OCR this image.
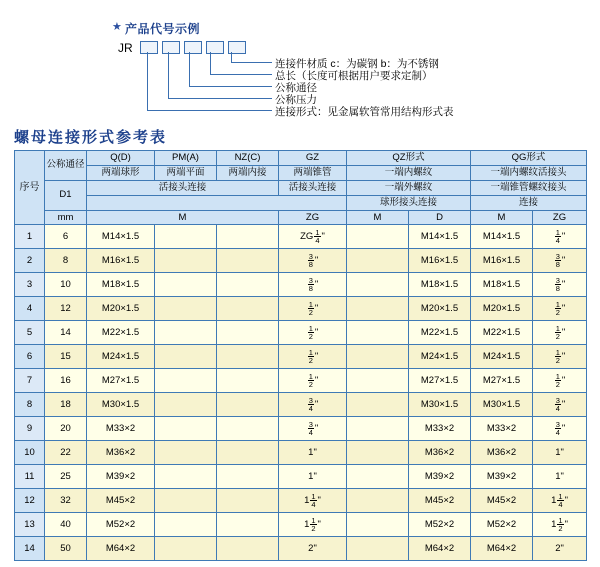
★ 产品代号示例
JR
连接件材质 c：为碳钢 b：为不锈钢
总长（长度可根据用户要求定制）
公称通径
公称压力
连接形式：见金属软管常用结构形式表
螺母连接形式参考表
序号	公称通径	Q(D)	PM(A)	NZ(C)	GZ	QZ形式		QG形式	
		两端球形	两端平面	两端内接	两端锥管	一端内螺纹		一端内螺纹活接头	
	D1	活接头连接			活接头连接	一端外螺纹		一端锥管螺纹接头	
						球形接头连接		连接	
	mm	M			ZG	M	D	M	ZG
1	6	M14×1.5			ZG $\frac{1}{4}$ "		M14×1.5	M14×1.5	$\frac{1}{4}$ "
2	8	M16×1.5			$\frac{3}{8}$ "		M16×1.5	M16×1.5	$\frac{3}{8}$ "
3	10	M18×1.5			$\frac{3}{8}$ "		M18×1.5	M18×1.5	$\frac{3}{8}$ "
4	12	M20×1.5			$\frac{1}{2}$ "		M20×1.5	M20×1.5	$\frac{1}{2}$ "
5	14	M22×1.5			$\frac{1}{2}$ "		M22×1.5	M22×1.5	$\frac{1}{2}$ "
6	15	M24×1.5			$\frac{1}{2}$ "		M24×1.5	M24×1.5	$\frac{1}{2}$ "
7	16	M27×1.5			$\frac{1}{2}$ "		M27×1.5	M27×1.5	$\frac{1}{2}$ "
8	18	M30×1.5			$\frac{3}{4}$ "		M30×1.5	M30×1.5	$\frac{3}{4}$ "
9	20	M33×2			$\frac{3}{4}$ "		M33×2	M33×2	$\frac{3}{4}$ "
10	22	M36×2			1"		M36×2	M36×2	1"
11	25	M39×2			1"		M39×2	M39×2	1"
12	32	M45×2			$1 \frac{1}{4}$ "		M45×2	M45×2	$1 \frac{1}{4}$ "
13	40	M52×2			$1 \frac{1}{2}$ "		M52×2	M52×2	$1 \frac{1}{2}$ "
14	50	M64×2			2"		M64×2	M64×2	2"
